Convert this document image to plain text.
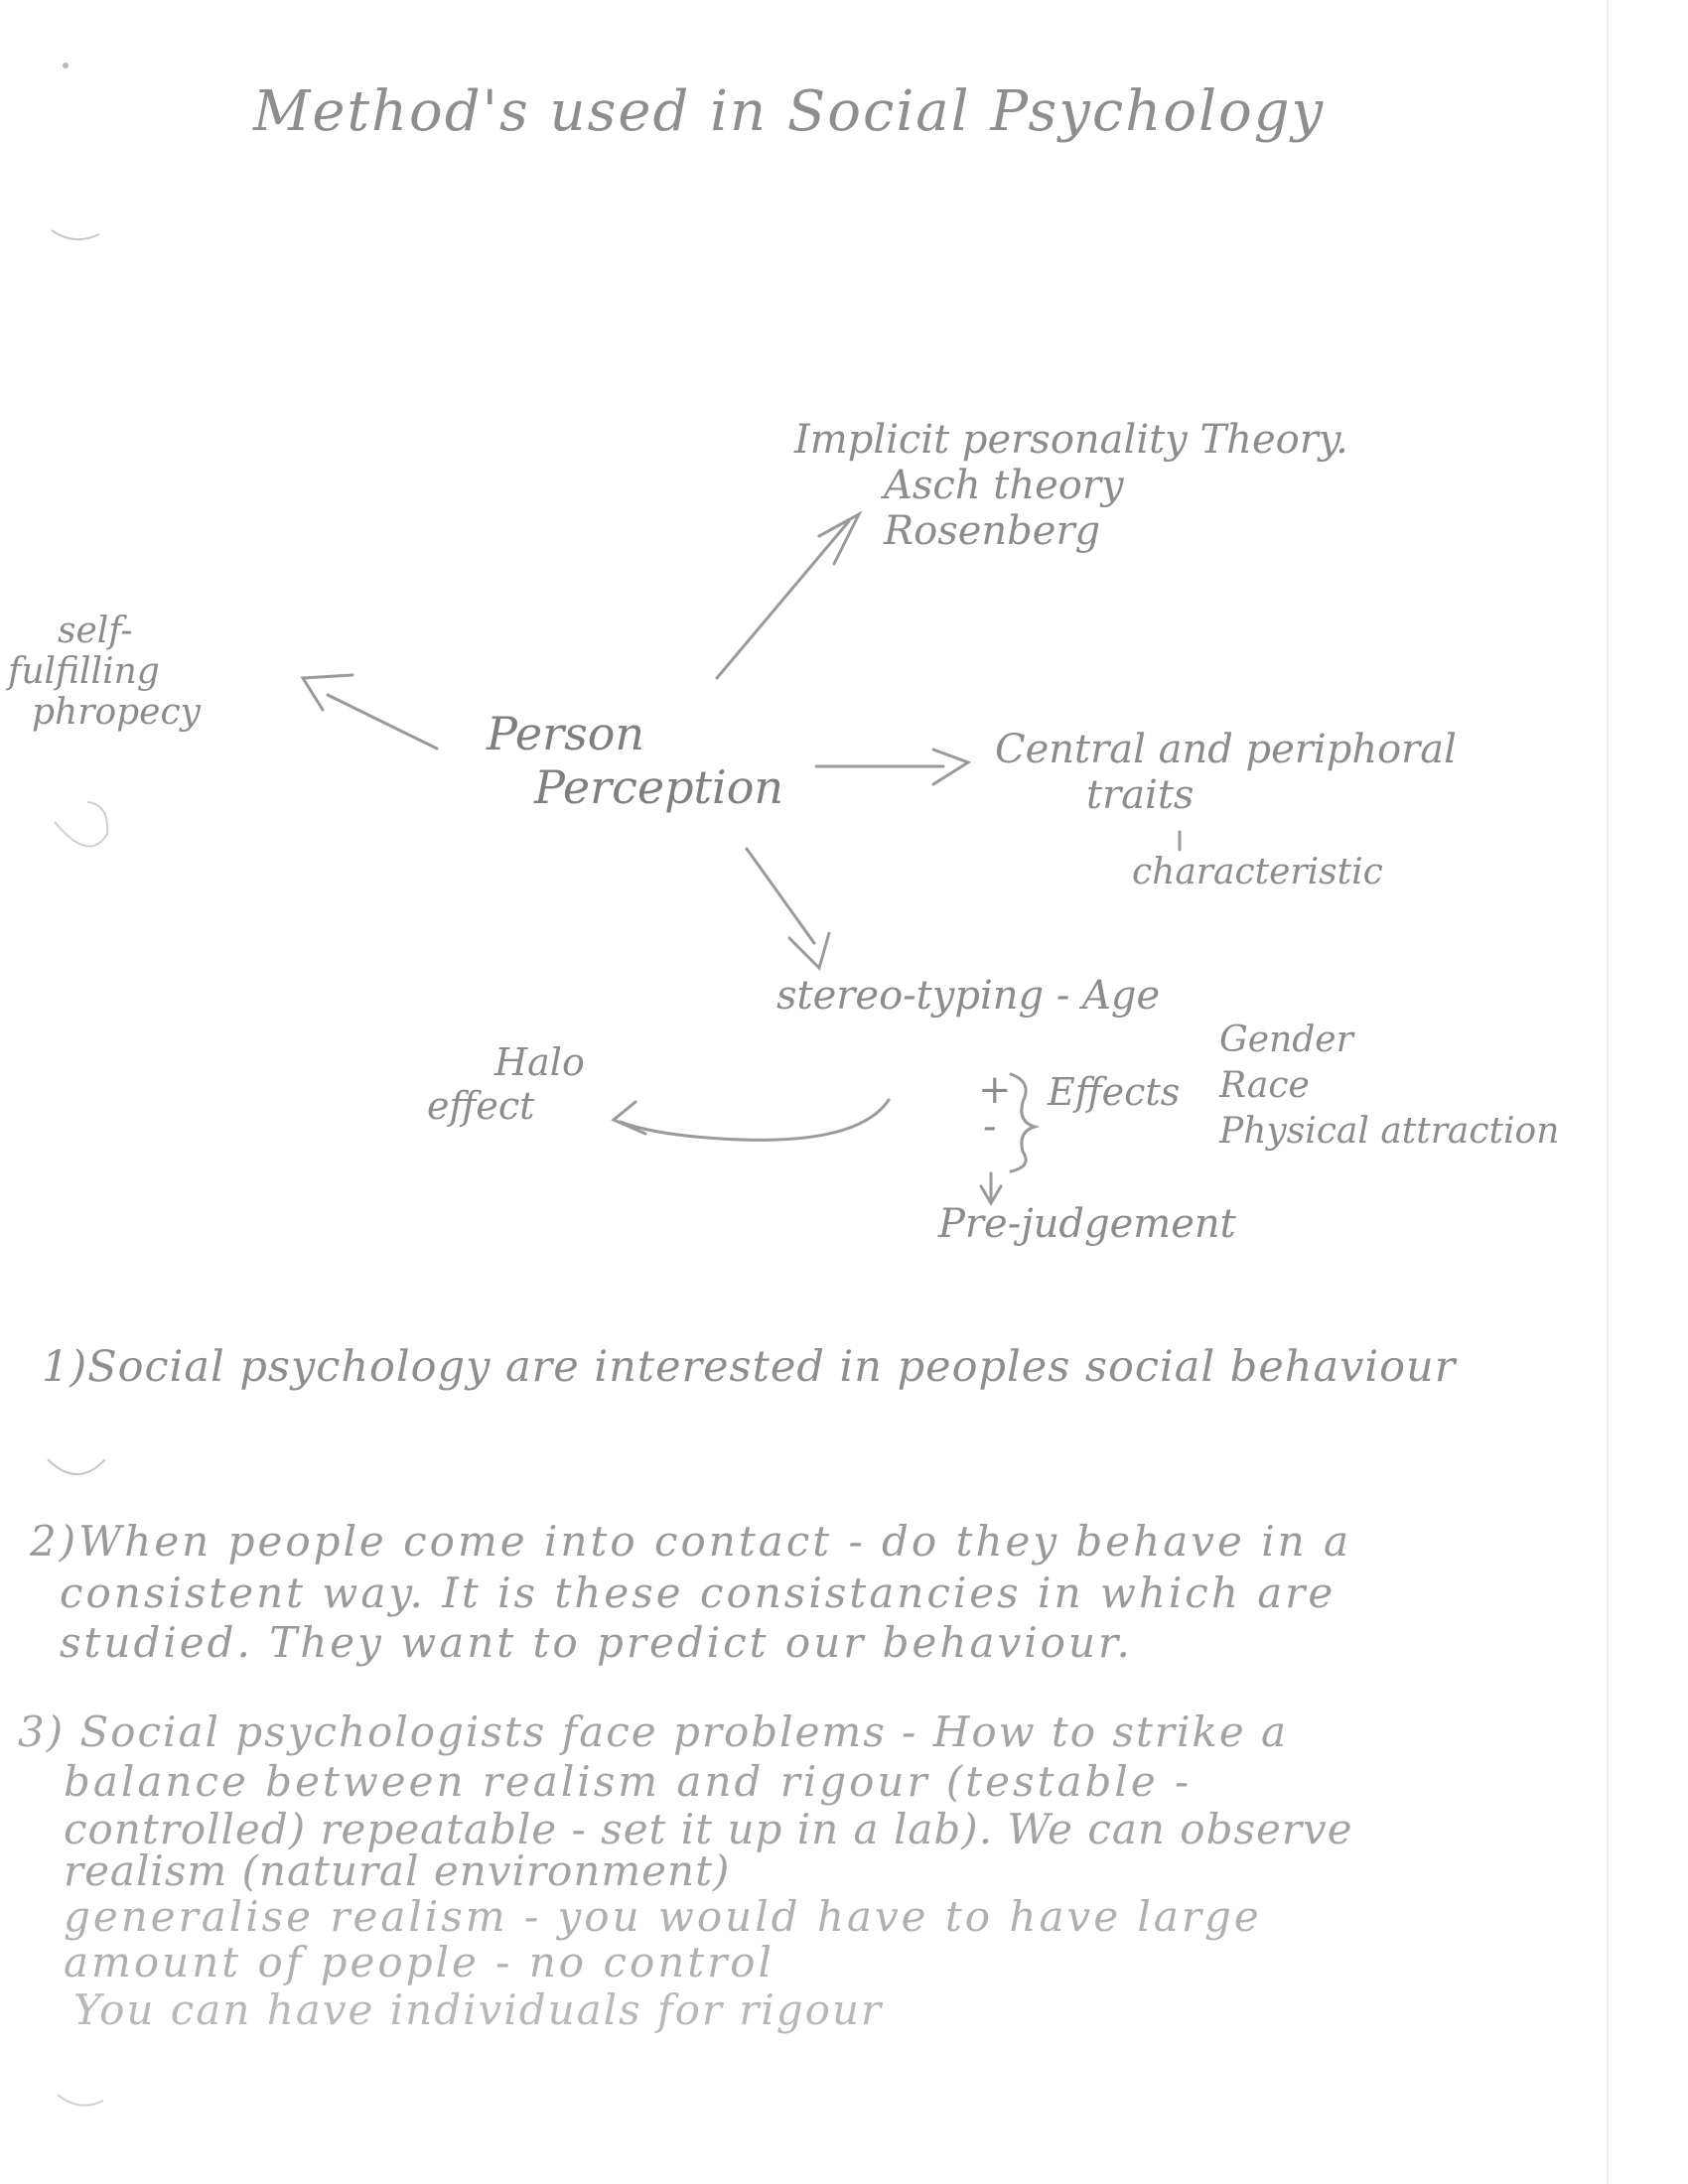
Method's used in Social Psychology
Person
Perception
Implicit personality Theory.
Asch theory
Rosenberg
self-
fulfilling
phropecy
Central and periphoral
traits
characteristic
stereo-typing - Age
Gender
Race
Physical attraction
+
-
Effects
Halo
effect
Pre-judgement
1)Social psychology are interested in peoples social behaviour
2)When people come into contact - do they behave in a
consistent way. It is these consistancies in which are
studied. They want to predict our behaviour.
3) Social psychologists face problems - How to strike a
balance between realism and rigour (testable -
controlled) repeatable - set it up in a lab). We can observe
realism (natural environment)
generalise realism - you would have to have large
amount of people - no control
You can have individuals for rigour
